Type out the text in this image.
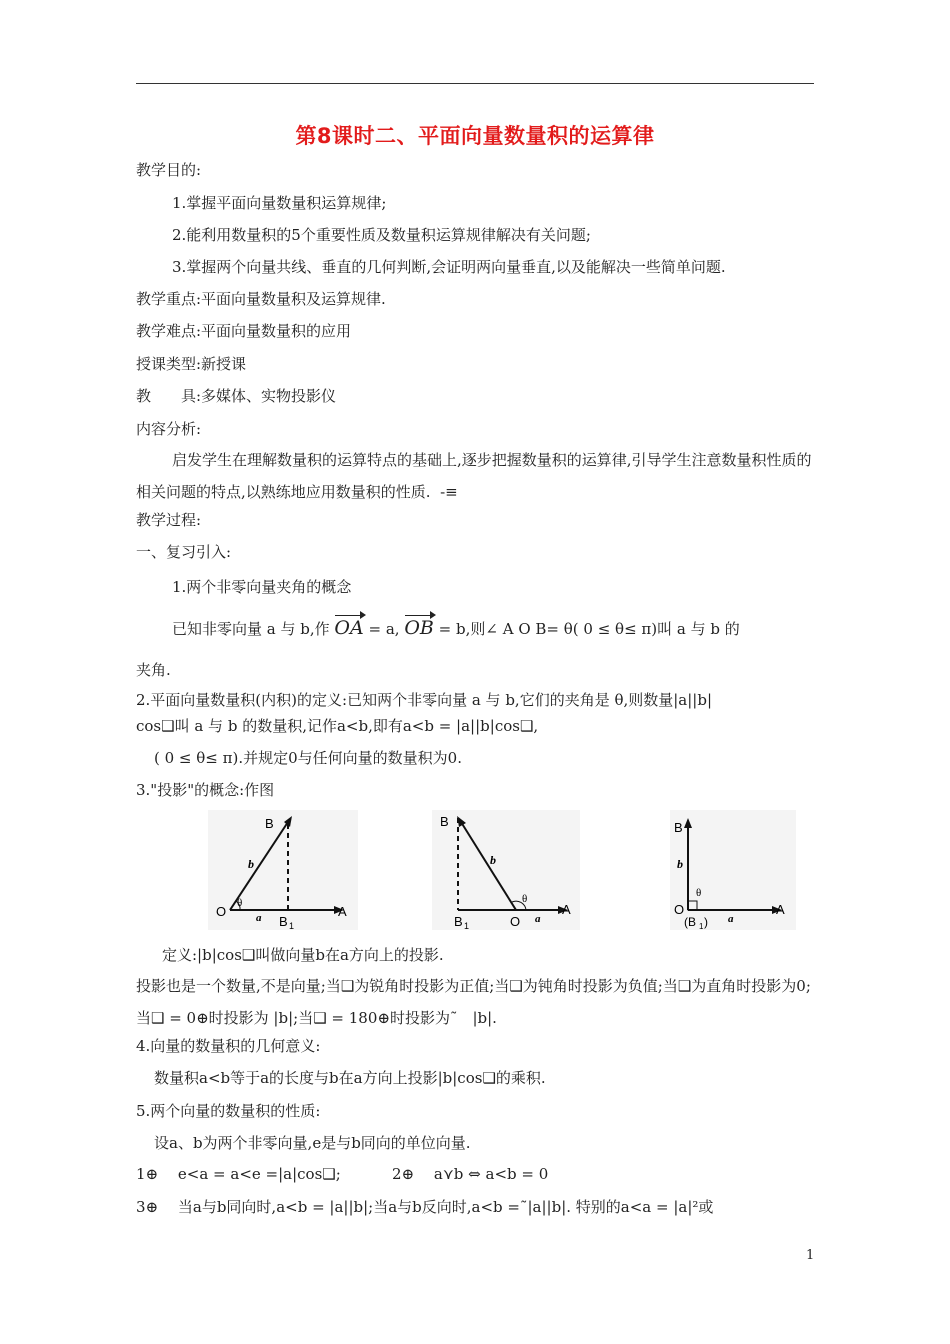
第8课时二、平面向量数量积的运算律
教学目的:
1.掌握平面向量数量积运算规律;
2.能利用数量积的5个重要性质及数量积运算规律解决有关问题;
3.掌握两个向量共线、垂直的几何判断,会证明两向量垂直,以及能解决一些简单问题.
教学重点:平面向量数量积及运算规律.
教学难点:平面向量数量积的应用
授课类型:新授课
教　　具:多媒体、实物投影仪
内容分析:
启发学生在理解数量积的运算特点的基础上,逐步把握数量积的运算律,引导学生注意数量积性质的相关问题的特点,以熟练地应用数量积的性质. -≡
教学过程:
一、复习引入:
1.两个非零向量夹角的概念
已知非零向量 a 与 b,作 OA = a, OB = b,则∠ A O B= θ( 0 ≤ θ≤ π)叫 a 与 b 的
夹角.
2.平面向量数量积(内积)的定义:已知两个非零向量 a 与 b,它们的夹角是 θ,则数量|a||b|
cos❑叫 a 与 b 的数量积,记作a<b,即有a<b = |a||b|cos❑,
( 0 ≤ θ≤ π).并规定0与任何向量的数量积为0.
3."投影"的概念:作图
B
b
O
θ
a B 1
A
B
b
θ
B 1	O a
A
B
b
θ
O
(B 1 ) a
A
定义:|b|cos❑叫做向量b在a方向上的投影.
投影也是一个数量,不是向量;当❑为锐角时投影为正值;当❑为钝角时投影为负值;当❑为直角时投影为0;当❑ = 0⊕时投影为 |b|;当❑ = 180⊕时投影为˜　|b|.
4.向量的数量积的几何意义:
数量积a<b等于a的长度与b在a方向上投影|b|cos❑的乘积.
5.两个向量的数量积的性质:
设a、b为两个非零向量,e是与b同向的单位向量.
1⊕　 e<a = a<e =|a|cos❑;	2⊕　 a⋎b ⇔ a<b = 0
3⊕　 当a与b同向时,a<b = |a||b|;当a与b反向时,a<b =˜|a||b|. 特别的a<a = |a|²或
1
